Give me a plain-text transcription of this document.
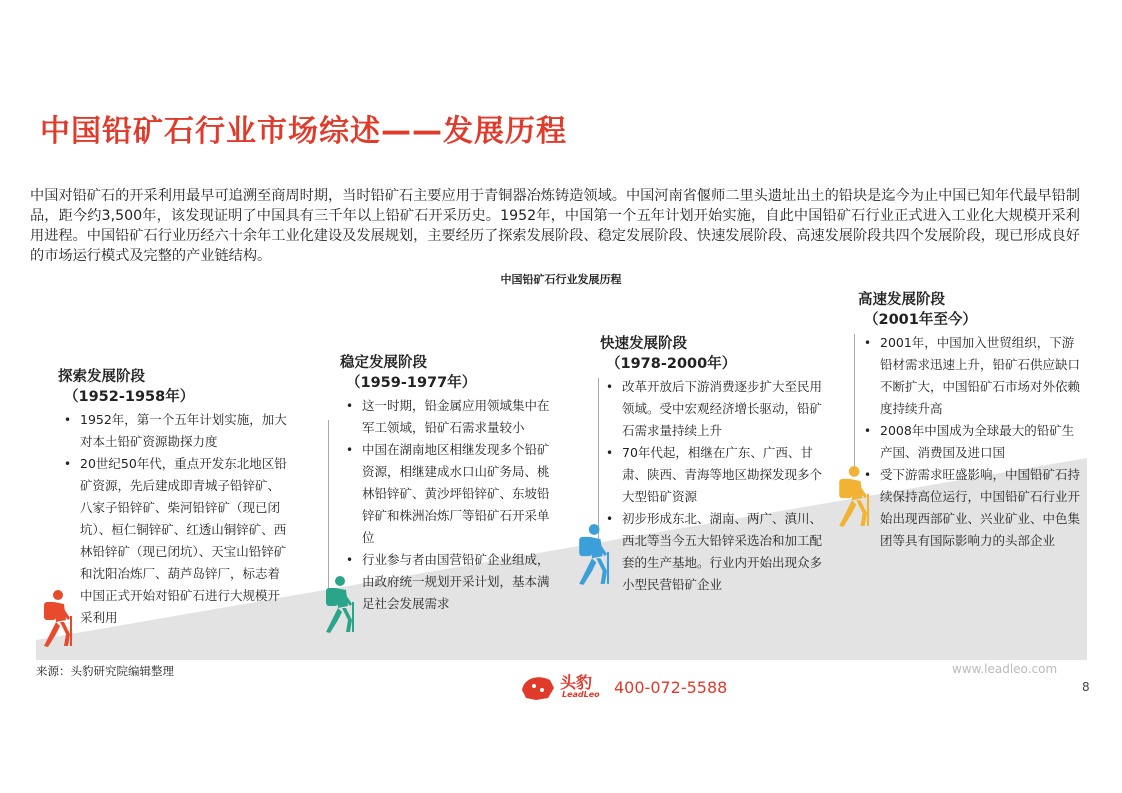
中国铅矿石行业市场综述——发展历程
中国对铅矿石的开采利用最早可追溯至商周时期，当时铅矿石主要应用于青铜器冶炼铸造领域。中国河南省偃师二里头遗址出土的铅块是迄今为止中国已知年代最早铅制品，距今约3,500年，该发现证明了中国具有三千年以上铅矿石开采历史。1952年，中国第一个五年计划开始实施，自此中国铅矿石行业正式进入工业化大规模开采利用进程。中国铅矿石行业历经六十余年工业化建设及发展规划，主要经历了探索发展阶段、稳定发展阶段、快速发展阶段、高速发展阶段共四个发展阶段，现已形成良好的市场运行模式及完整的产业链结构。
中国铅矿石行业发展历程
探索发展阶段
（1952-1958年）
• 1952年，第一个五年计划实施，加大对本土铅矿资源勘探力度
• 20世纪50年代，重点开发东北地区铅矿资源，先后建成即青城子铅锌矿、八家子铅锌矿、柴河铅锌矿（现已闭坑）、桓仁铜锌矿、红透山铜锌矿、西林铅锌矿（现已闭坑）、天宝山铅锌矿和沈阳冶炼厂、葫芦岛锌厂，标志着中国正式开始对铅矿石进行大规模开采利用
稳定发展阶段
（1959-1977年）
• 这一时期，铅金属应用领域集中在军工领域，铅矿石需求量较小
• 中国在湖南地区相继发现多个铅矿资源，相继建成水口山矿务局、桃林铅锌矿、黄沙坪铅锌矿、东坡铅锌矿和株洲冶炼厂等铅矿石开采单位
• 行业参与者由国营铅矿企业组成，由政府统一规划开采计划，基本满足社会发展需求
快速发展阶段
（1978-2000年）
• 改革开放后下游消费逐步扩大至民用领域。受中宏观经济增长驱动，铅矿石需求量持续上升
• 70年代起，相继在广东、广西、甘肃、陕西、青海等地区勘探发现多个大型铅矿资源
• 初步形成东北、湖南、两广、滇川、西北等当今五大铅锌采选冶和加工配套的生产基地。行业内开始出现众多小型民营铅矿企业
高速发展阶段
（2001年至今）
• 2001年，中国加入世贸组织，下游铅材需求迅速上升，铅矿石供应缺口不断扩大，中国铅矿石市场对外依赖度持续升高
• 2008年中国成为全球最大的铅矿生产国、消费国及进口国
• 受下游需求旺盛影响，中国铅矿石持续保持高位运行，中国铅矿石行业开始出现西部矿业、兴业矿业、中色集团等具有国际影响力的头部企业
来源：头豹研究院编辑整理
头豹
LeadLeo 400-072-5588
www.leadleo.com
8
